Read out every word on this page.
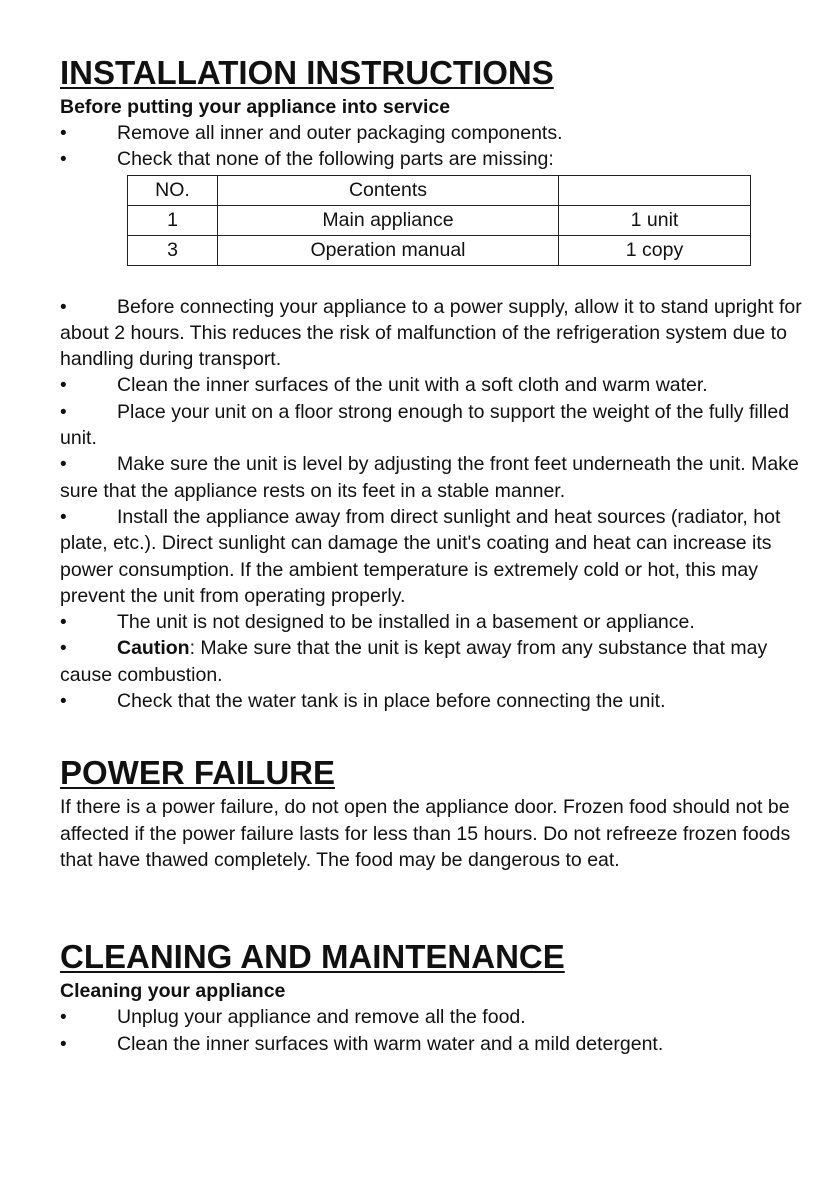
INSTALLATION INSTRUCTIONS
Before putting your appliance into service
•
Remove all inner and outer packaging components.
•
Check that none of the following parts are missing:
NO.	Contents	
1	Main appliance	1 unit
3	Operation manual	1 copy
•
Before connecting your appliance to a power supply, allow it to stand upright for about 2 hours. This reduces the risk of malfunction of the refrigeration system due to handling during transport.
•
Clean the inner surfaces of the unit with a soft cloth and warm water.
•
Place your unit on a floor strong enough to support the weight of the fully filled unit.
•
Make sure the unit is level by adjusting the front feet underneath the unit. Make sure that the appliance rests on its feet in a stable manner.
•
Install the appliance away from direct sunlight and heat sources (radiator, hot plate, etc.). Direct sunlight can damage the unit's coating and heat can increase its power consumption. If the ambient temperature is extremely cold or hot, this may prevent the unit from operating properly.
•
The unit is not designed to be installed in a basement or appliance.
•
Caution: Make sure that the unit is kept away from any substance that may cause combustion.
•
Check that the water tank is in place before connecting the unit.
POWER FAILURE

If there is a power failure, do not open the appliance door. Frozen food should not be affected if the power failure lasts for less than 15 hours. Do not refreeze frozen foods that have thawed completely. The food may be dangerous to eat.

CLEANING AND MAINTENANCE
Cleaning your appliance
•
Unplug your appliance and remove all the food.
•
Clean the inner surfaces with warm water and a mild detergent.
